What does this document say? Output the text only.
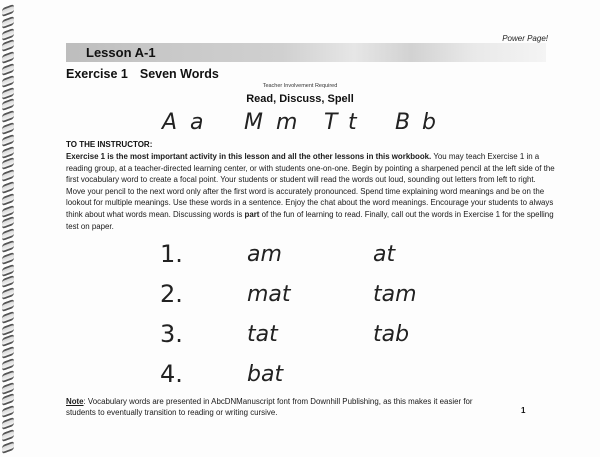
Power Page!
Lesson A-1
Exercise 1 Seven Words
Teacher Involvement Required
Read, Discuss, Spell
A a M m T t B b
TO THE INSTRUCTOR:
Exercise 1 is the most important activity in this lesson and all the other lessons in this workbook. You may teach Exercise 1 in a reading group, at a teacher-directed learning center, or with students one-on-one. Begin by pointing a sharpened pencil at the left side of the first vocabulary word to create a focal point. Your students or student will read the words out loud, sounding out letters from left to right. Move your pencil to the next word only after the first word is accurately pronounced. Spend time explaining word meanings and be on the lookout for multiple meanings. Use these words in a sentence. Enjoy the chat about the word meanings. Encourage your students to always think about what words mean. Discussing words is part of the fun of learning to read. Finally, call out the words in Exercise 1 for the spelling test on paper.
1.	am	at
2.	mat	tam
3.	tat	tab
4.	bat
Note: Vocabulary words are presented in AbcDNManuscript font from Downhill Publishing, as this makes it easier for students to eventually transition to reading or writing cursive.	1
